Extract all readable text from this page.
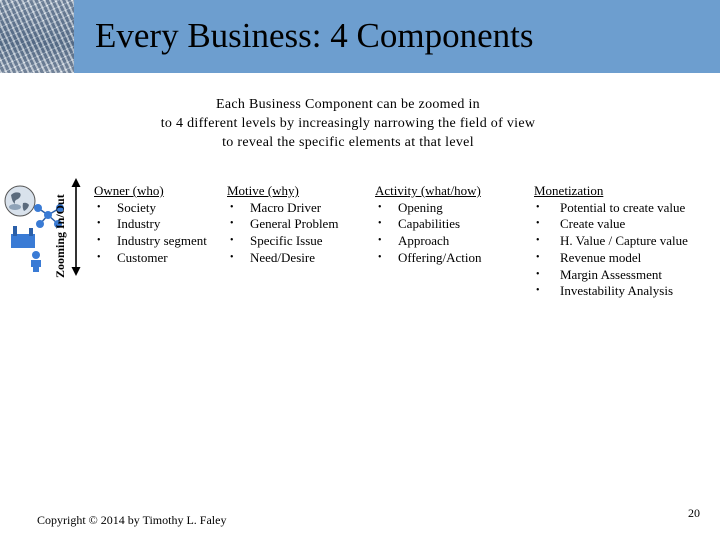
Every Business: 4 Components
Each Business Component can be zoomed in
to 4 different levels by increasingly narrowing the field of view
to reveal the specific elements at that level
Zooming In/Out
Owner (who)
• Society
• Industry
• Industry segment
• Customer
Motive (why)
• Macro Driver
• General Problem
• Specific Issue
• Need/Desire
Activity (what/how)
• Opening
• Capabilities
• Approach
• Offering/Action
Monetization
• Potential to create value
• Create value
• H. Value / Capture value
• Revenue model
• Margin Assessment
• Investability Analysis
Copyright © 2014 by Timothy L. Faley	20
